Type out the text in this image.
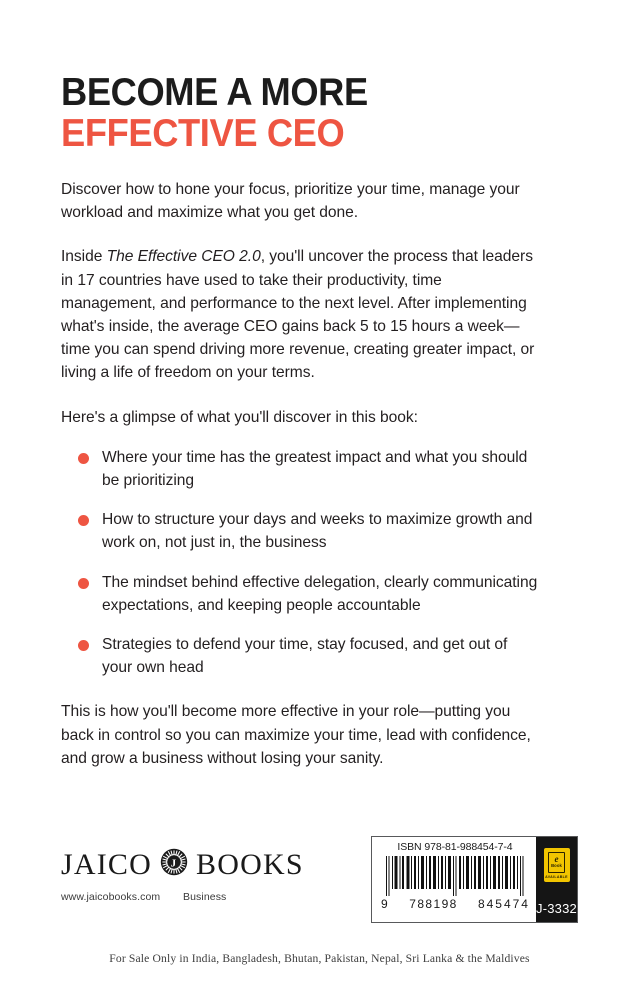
BECOME A MORE
EFFECTIVE CEO

Discover how to hone your focus, prioritize your time, manage your workload and maximize what you get done.

Inside The Effective CEO 2.0, you'll uncover the process that leaders in 17 countries have used to take their productivity, time management, and performance to the next level. After implementing what's inside, the average CEO gains back 5 to 15 hours a week—time you can spend driving more revenue, creating greater impact, or living a life of freedom on your terms.

Here's a glimpse of what you'll discover in this book:

Where your time has the greatest impact and what you should be prioritizing
How to structure your days and weeks to maximize growth and work on, not just in, the business
The mindset behind effective delegation, clearly communicating expectations, and keeping people accountable
Strategies to defend your time, stay focused, and get out of your own head

This is how you'll become more effective in your role—putting you back in control so you can maximize your time, lead with confidence, and grow a business without losing your sanity.

JAICO J BOOKS
www.jaicobooks.com	Business
ISBN 978-81-988454-7-4
9 788198 845474
e
Book
AVAILABLE
J-3332
For Sale Only in India, Bangladesh, Bhutan, Pakistan, Nepal, Sri Lanka & the Maldives
